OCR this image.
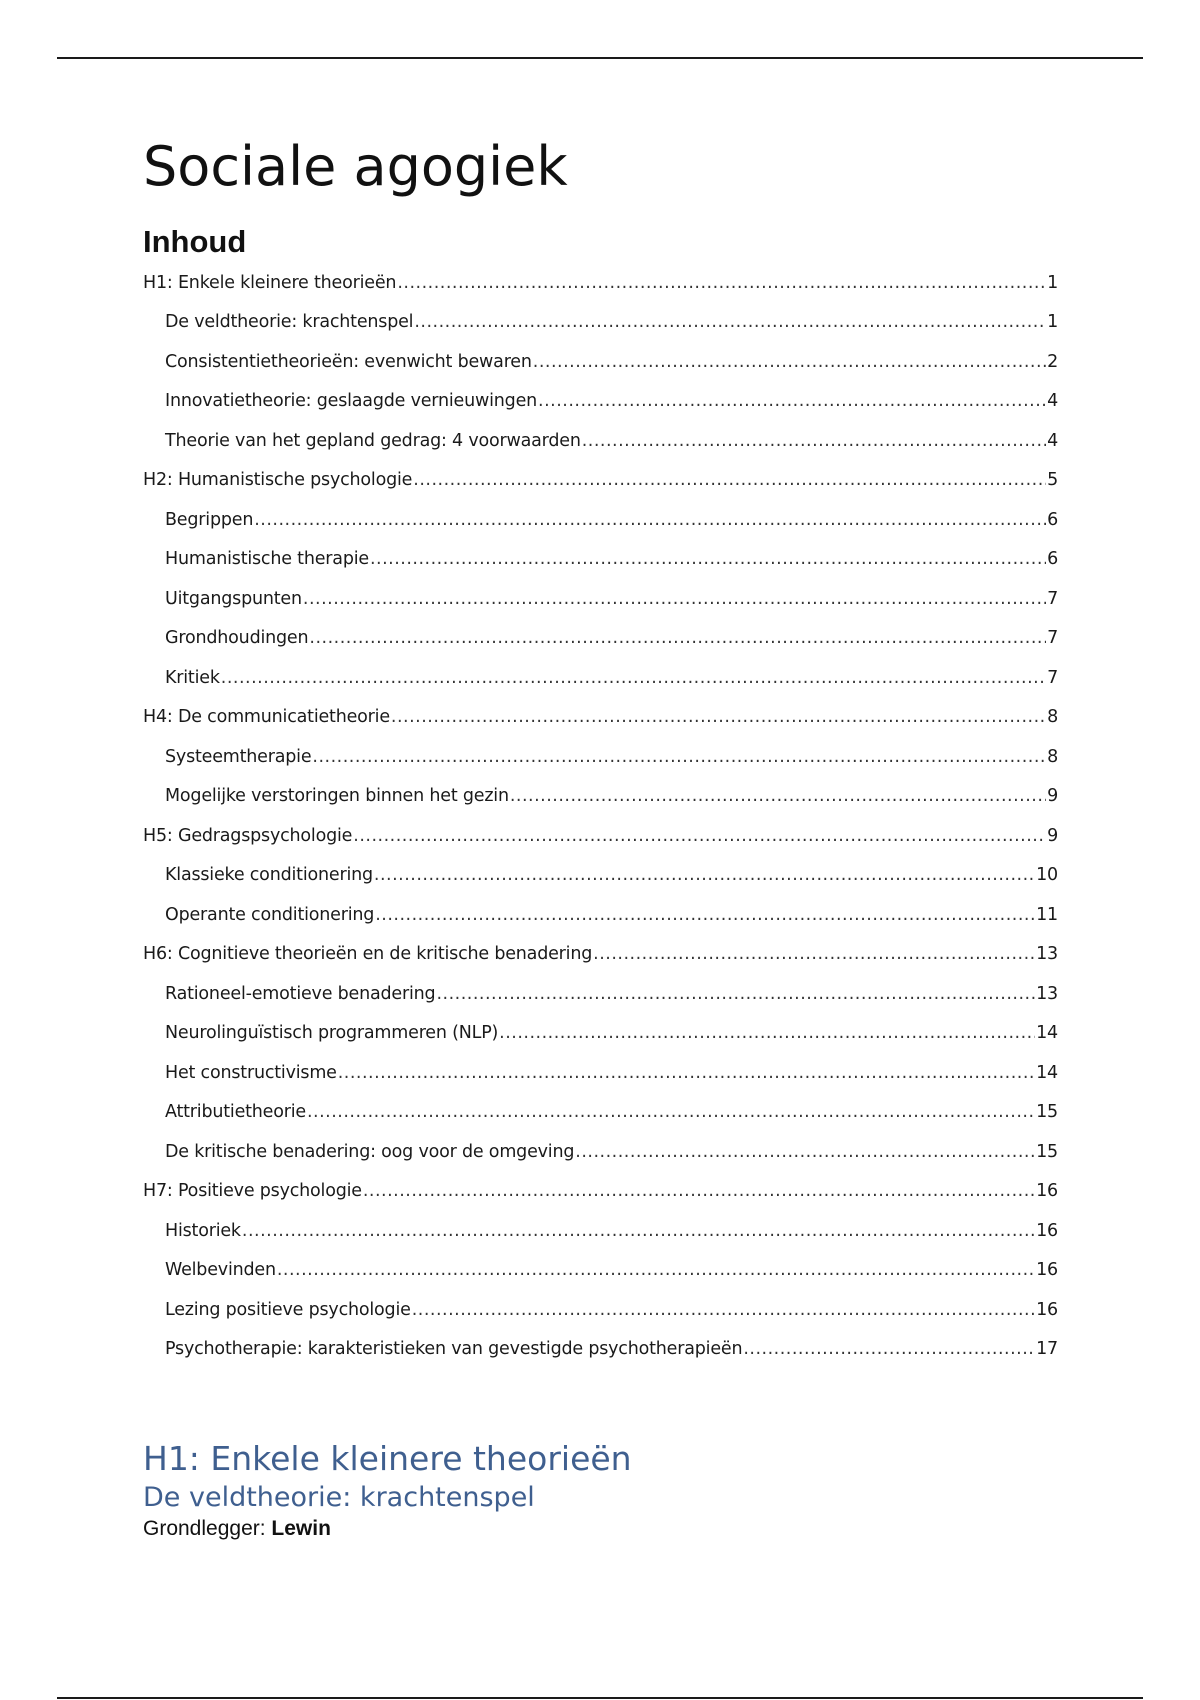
Sociale agogiek
Inhoud
H1: Enkele kleinere theorieën .....	1
De veldtheorie: krachtenspel .....	1
Consistentietheorieën: evenwicht bewaren .....	2
Innovatietheorie: geslaagde vernieuwingen .....	4
Theorie van het gepland gedrag: 4 voorwaarden .....	4
H2: Humanistische psychologie .....	5
Begrippen .....	6
Humanistische therapie .....	6
Uitgangspunten .....	7
Grondhoudingen .....	7
Kritiek .....	7
H4: De communicatietheorie .....	8
Systeemtherapie .....	8
Mogelijke verstoringen binnen het gezin .....	9
H5: Gedragspsychologie .....	9
Klassieke conditionering .....	10
Operante conditionering .....	11
H6: Cognitieve theorieën en de kritische benadering .....	13
Rationeel-emotieve benadering .....	13
Neurolinguïstisch programmeren (NLP) .....	14
Het constructivisme .....	14
Attributietheorie .....	15
De kritische benadering: oog voor de omgeving .....	15
H7: Positieve psychologie .....	16
Historiek .....	16
Welbevinden .....	16
Lezing positieve psychologie .....	16
Psychotherapie: karakteristieken van gevestigde psychotherapieën .....	17
H1: Enkele kleinere theorieën
De veldtheorie: krachtenspel

Grondlegger: Lewin
